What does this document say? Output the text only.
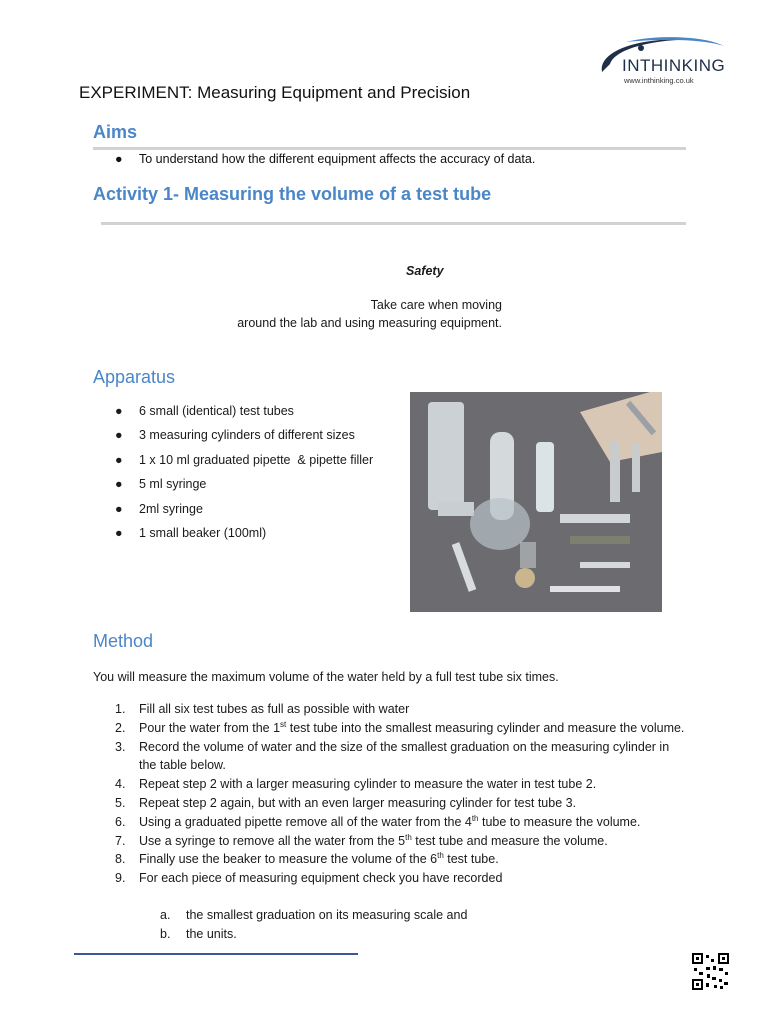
INTHINKING
www.inthinking.co.uk
EXPERIMENT: Measuring Equipment and Precision
Aims
● To understand how the different equipment affects the accuracy of data.
Activity 1- Measuring the volume of a test tube
Safety
Take care when moving
around the lab and using measuring equipment.
Apparatus
●	6 small (identical) test tubes
●	3 measuring cylinders of different sizes
●	1 x 10 ml graduated pipette  & pipette filler
●	5 ml syringe
●	2ml syringe
●	1 small beaker (100ml)
Method
You will measure the maximum volume of the water held by a full test tube six times.
1.	Fill all six test tubes as full as possible with water
2.	Pour the water from the 1st test tube into the smallest measuring cylinder and measure the volume.
3.	Record the volume of water and the size of the smallest graduation on the measuring cylinder in the table below.
4.	Repeat step 2 with a larger measuring cylinder to measure the water in test tube 2.
5.	Repeat step 2 again, but with an even larger measuring cylinder for test tube 3.
6.	Using a graduated pipette remove all of the water from the 4th tube to measure the volume.
7.	Use a syringe to remove all the water from the 5th test tube and measure the volume.
8.	Finally use the beaker to measure the volume of the 6th test tube.
9.	For each piece of measuring equipment check you have recorded
a.	the smallest graduation on its measuring scale and
b.	the units.
